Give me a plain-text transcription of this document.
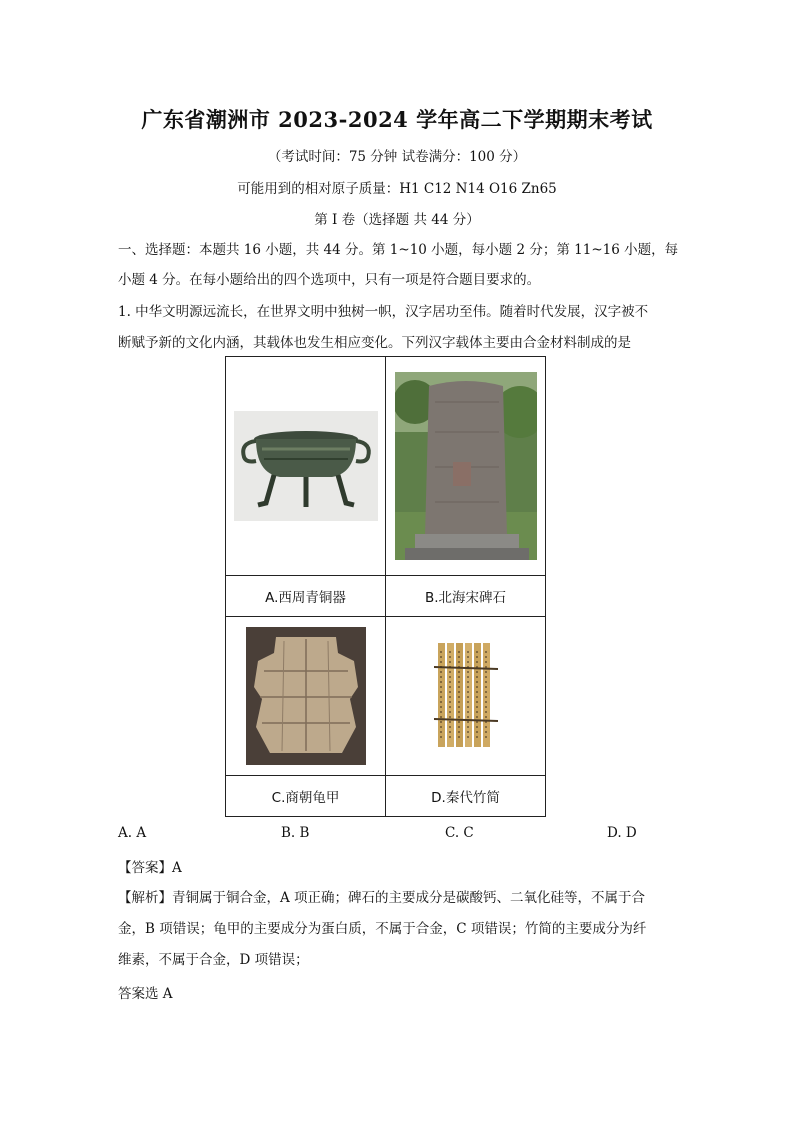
广东省潮洲市 2023-2024 学年高二下学期期末考试
（考试时间：75 分钟 试卷满分：100 分）
可能用到的相对原子质量：H1 C12 N14 O16 Zn65
第 I 卷（选择题 共 44 分）
一、选择题：本题共 16 小题，共 44 分。第 1~10 小题，每小题 2 分；第 11~16 小题，每
小题 4 分。在每小题给出的四个选项中，只有一项是符合题目要求的。
1. 中华文明源远流长，在世界文明中独树一帜，汉字居功至伟。随着时代发展，汉字被不
断赋予新的文化内涵，其载体也发生相应变化。下列汉字载体主要由合金材料制成的是

A.西周青铜器	B.北海宋碑石

C.商朝龟甲	D.秦代竹简
A. A	B. B	C. C	D. D
【答案】A
【解析】青铜属于铜合金，A 项正确；碑石的主要成分是碳酸钙、二氧化硅等，不属于合
金，B 项错误；龟甲的主要成分为蛋白质，不属于合金，C 项错误；竹简的主要成分为纤
维素，不属于合金，D 项错误；
答案选 A
